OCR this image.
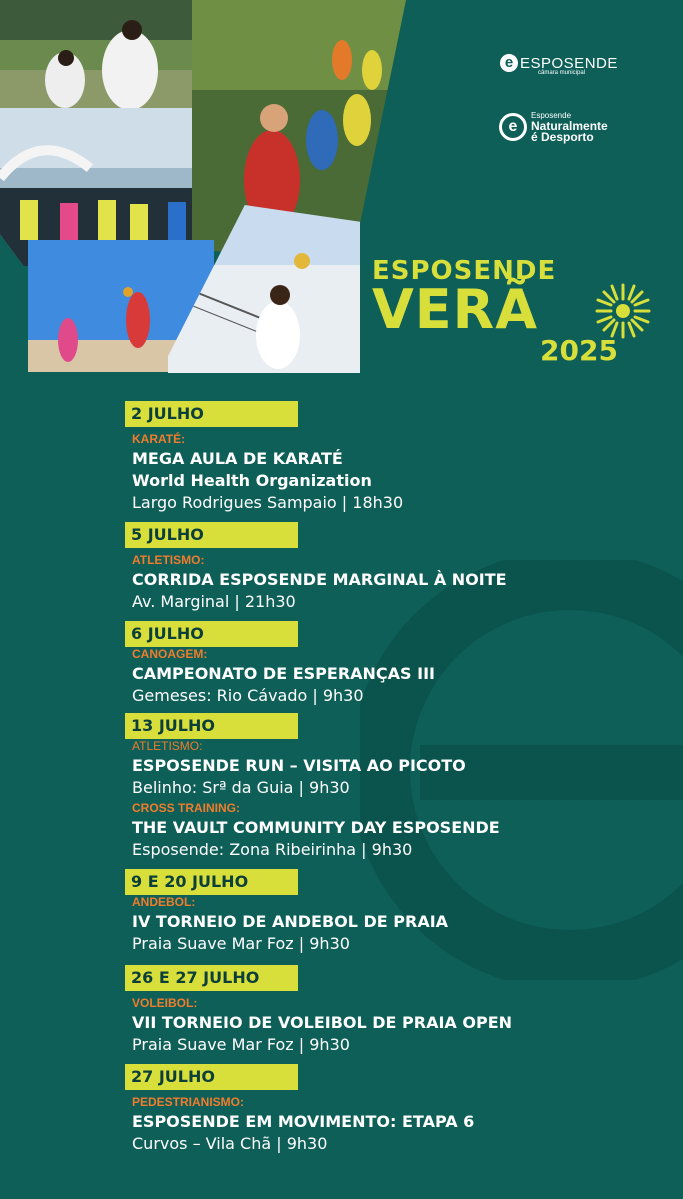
e ESPOSENDE
câmara municipal
e
Esposende
Naturalmente
é Desporto
ESPOSENDE
VERÃ
2025
2 JULHO
KARATÉ:
MEGA AULA DE KARATÉ
World Health Organization
Largo Rodrigues Sampaio | 18h30
5 JULHO
ATLETISMO:
CORRIDA ESPOSENDE MARGINAL À NOITE
Av. Marginal | 21h30
6 JULHO
CANOAGEM:
CAMPEONATO DE ESPERANÇAS III
Gemeses: Rio Cávado | 9h30
13 JULHO
ATLETISMO:
ESPOSENDE RUN – VISITA AO PICOTO
Belinho: Srª da Guia | 9h30
CROSS TRAINING:
THE VAULT COMMUNITY DAY ESPOSENDE
Esposende: Zona Ribeirinha | 9h30
9 E 20 JULHO
ANDEBOL:
IV TORNEIO DE ANDEBOL DE PRAIA
Praia Suave Mar Foz | 9h30
26 E 27 JULHO
VOLEIBOL:
VII TORNEIO DE VOLEIBOL DE PRAIA OPEN
Praia Suave Mar Foz | 9h30
27 JULHO
PEDESTRIANISMO:
ESPOSENDE EM MOVIMENTO: ETAPA 6
Curvos – Vila Chã | 9h30
